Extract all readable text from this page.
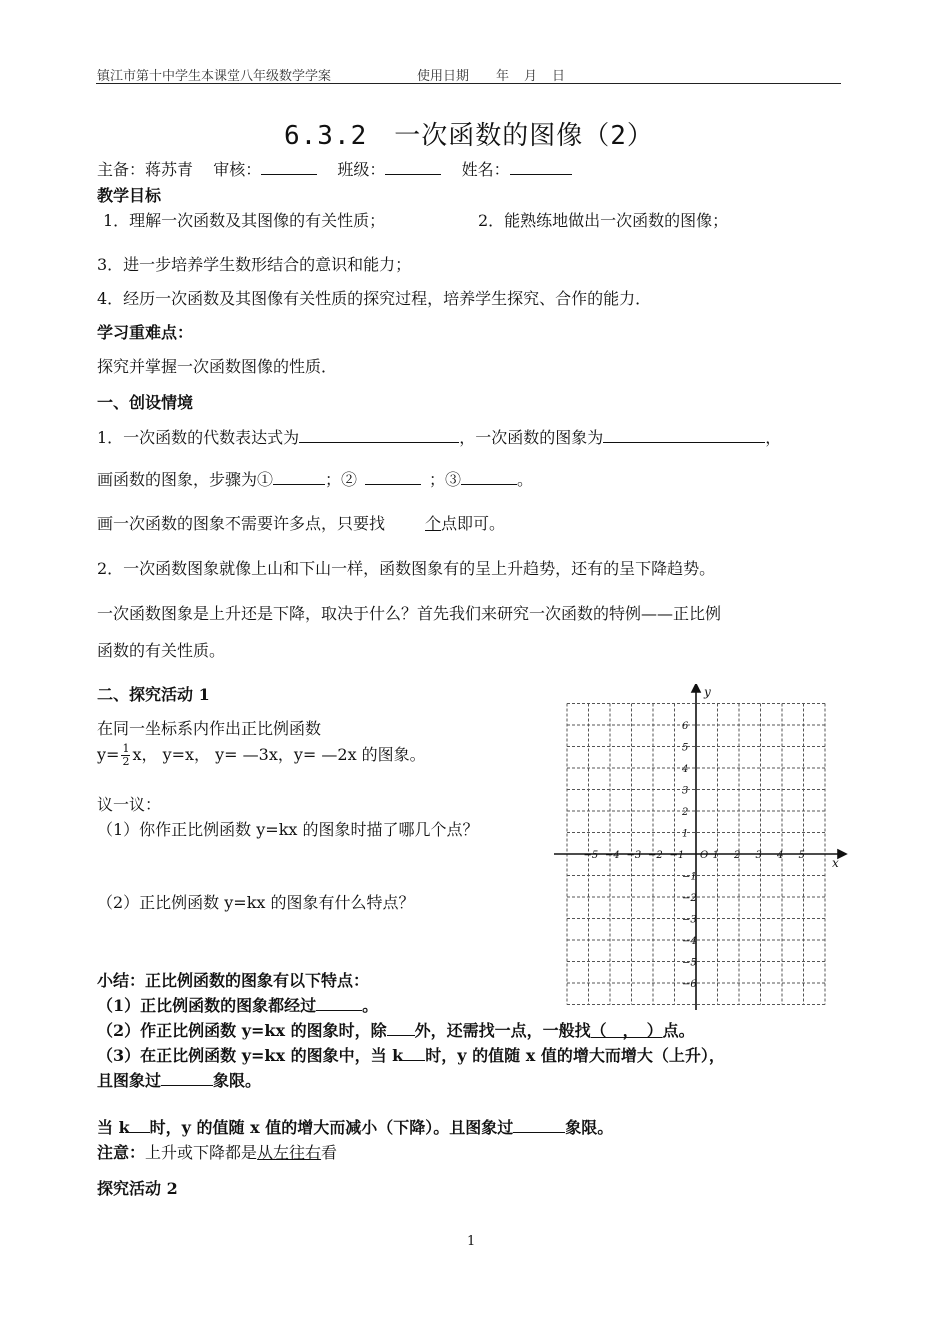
镇江市第十中学生本课堂八年级数学学案	使用日期 年 月 日
6.3.2　一次函数的图像（2）
主备：蒋苏青 审核：	班级：	姓名：
教学目标
1．理解一次函数及其图像的有关性质；	2．能熟练地做出一次函数的图像；
3．进一步培养学生数形结合的意识和能力；
4．经历一次函数及其图像有关性质的探究过程，培养学生探究、合作的能力．
学习重难点：
探究并掌握一次函数图像的性质．
一、创设情境
1．一次函数的代数表达式为	，一次函数的图象为	，
画函数的图象，步骤为①	；②	；③	。
画一次函数的图象不需要许多点，只要找	个点即可。
2．一次函数图象就像上山和下山一样，函数图象有的呈上升趋势，还有的呈下降趋势。
一次函数图象是上升还是下降，取决于什么？首先我们来研究一次函数的特例——正比例
函数的有关性质。
二、探究活动 1
在同一坐标系内作出正比例函数
$y= \frac{1}{2}$ x， y=x， y= —3x，y= —2x 的图象。
议一议：
（1）你作正比例函数 y=kx 的图象时描了哪几个点？
（2）正比例函数 y=kx 的图象有什么特点？
−5 −4 −3 −2 −1	1 2 3 4 5
6
5
4
3
2
1
−1
−2
−3
−4
−5
−6
O
x
y
小结：正比例函数的图象有以下特点：
（1）正比例函数的图象都经过	。
（2）作正比例函数 y=kx 的图象时，除 外，还需找一点，一般找（　，　）点。
（3）在正比例函数 y=kx 的图象中，当 k 时，y 的值随 x 值的增大而增大（上升），
且图象过	象限。
当 k 时，y 的值随 x 值的增大而减小（下降）。且图象过	象限。
注意：上升或下降都是从左往右看
探究活动 2
1
